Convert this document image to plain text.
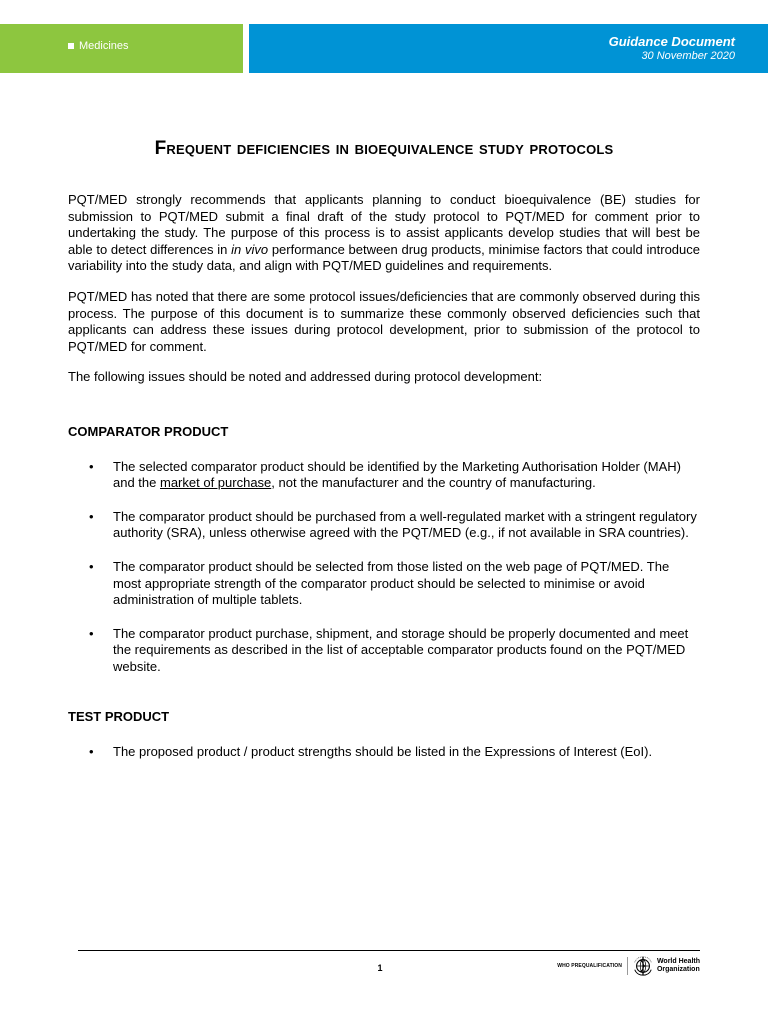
Medicines	Guidance Document
30 November 2020
Frequent deficiencies in bioequivalence study protocols

PQT/MED strongly recommends that applicants planning to conduct bioequivalence (BE) studies for submission to PQT/MED submit a final draft of the study protocol to PQT/MED for comment prior to undertaking the study. The purpose of this process is to assist applicants develop studies that will best be able to detect differences in in vivo performance between drug products, minimise factors that could introduce variability into the study data, and align with PQT/MED guidelines and requirements.

PQT/MED has noted that there are some protocol issues/deficiencies that are commonly observed during this process. The purpose of this document is to summarize these commonly observed deficiencies such that applicants can address these issues during protocol development, prior to submission of the protocol to PQT/MED for comment.

The following issues should be noted and addressed during protocol development:

COMPARATOR PRODUCT
• The selected comparator product should be identified by the Marketing Authorisation Holder (MAH) and the market of purchase, not the manufacturer and the country of manufacturing.
• The comparator product should be purchased from a well-regulated market with a stringent regulatory authority (SRA), unless otherwise agreed with the PQT/MED (e.g., if not available in SRA countries).
• The comparator product should be selected from those listed on the web page of PQT/MED. The most appropriate strength of the comparator product should be selected to minimise or avoid administration of multiple tablets.
• The comparator product purchase, shipment, and storage should be properly documented and meet the requirements as described in the list of acceptable comparator products found on the PQT/MED website.
TEST PRODUCT
• The proposed product / product strengths should be listed in the Expressions of Interest (EoI).
1	WHO PREQUALIFICATION
World Health
Organization
